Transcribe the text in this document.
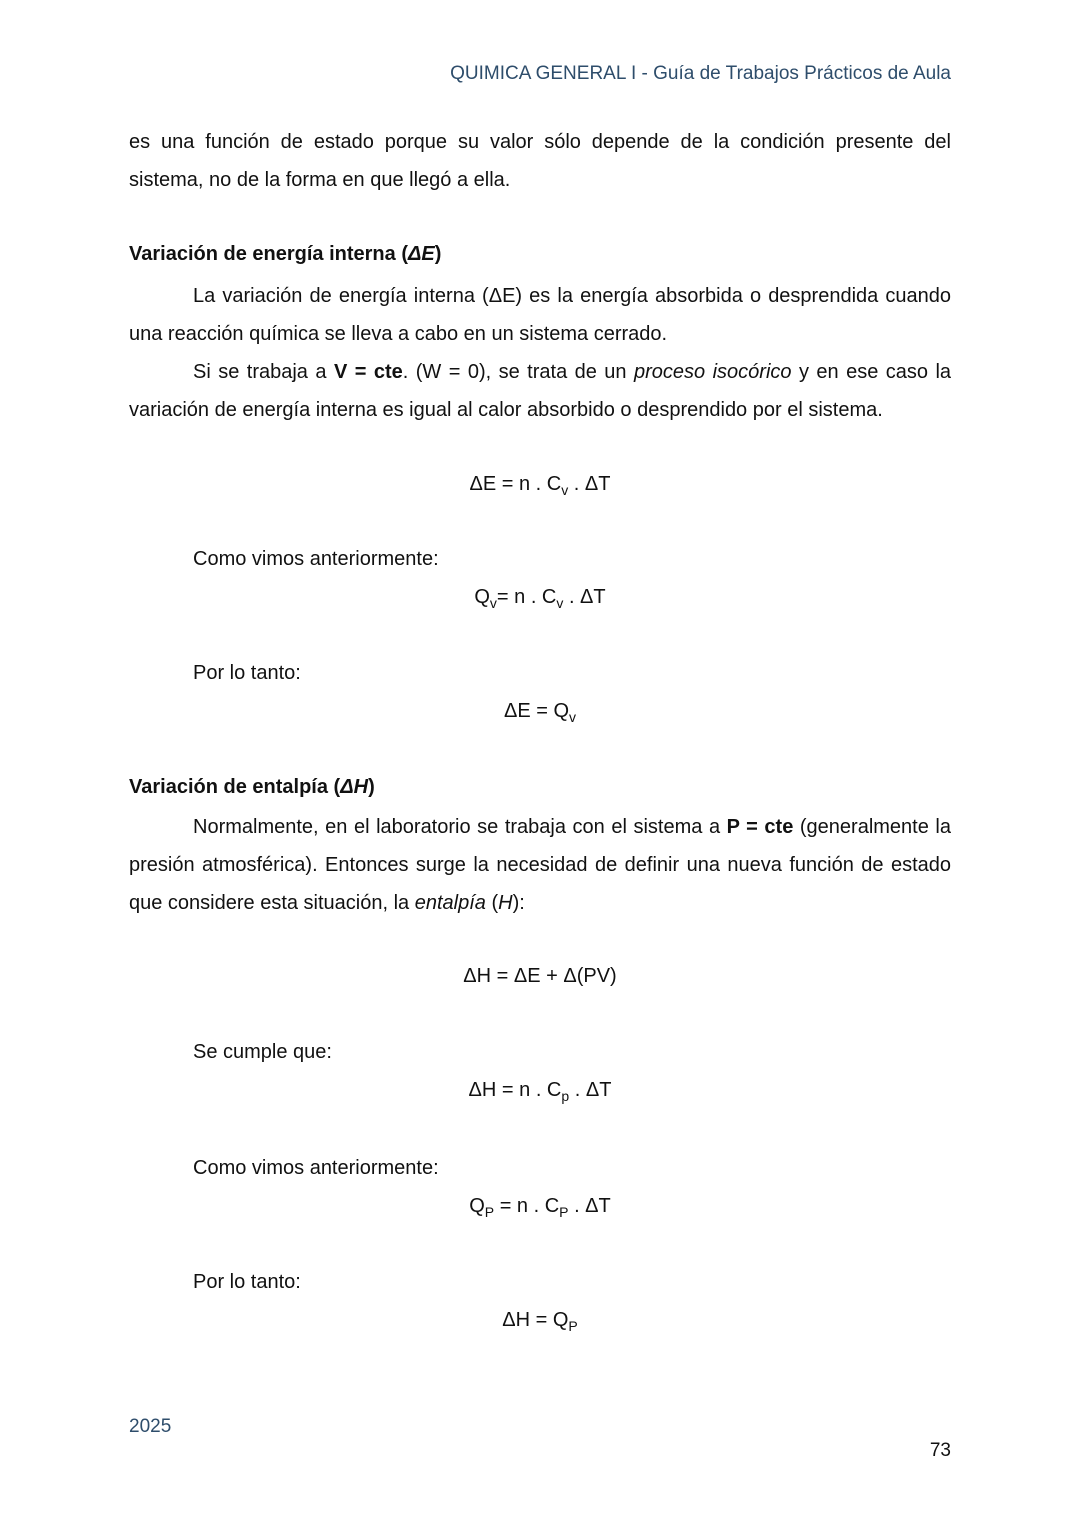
QUIMICA GENERAL I - Guía de Trabajos Prácticos de Aula
es una función de estado porque su valor sólo depende de la condición presente del sistema, no de la forma en que llegó a ella.
Variación de energía interna (ΔE)
La variación de energía interna (ΔE) es la energía absorbida o desprendida cuando una reacción química se lleva a cabo en un sistema cerrado.
Si se trabaja a V = cte. (W = 0), se trata de un proceso isocórico y en ese caso la variación de energía interna es igual al calor absorbido o desprendido por el sistema.
ΔE = n . $C_v$ . ΔT
Como vimos anteriormente:
$Q_v= n$ . $C_v$ . ΔT
Por lo tanto:
$\Delta E = Q_v$
Variación de entalpía (ΔH)
Normalmente, en el laboratorio se trabaja con el sistema a P = cte (generalmente la presión atmosférica). Entonces surge la necesidad de definir una nueva función de estado que considere esta situación, la entalpía (H):
ΔH = ΔE + Δ(PV)
Se cumple que:
ΔH = n . $C_p$ . ΔT
Como vimos anteriormente:
$Q_P = n$ . $C_P$ . ΔT
Por lo tanto:
$\Delta H = Q_P$
2025
73
